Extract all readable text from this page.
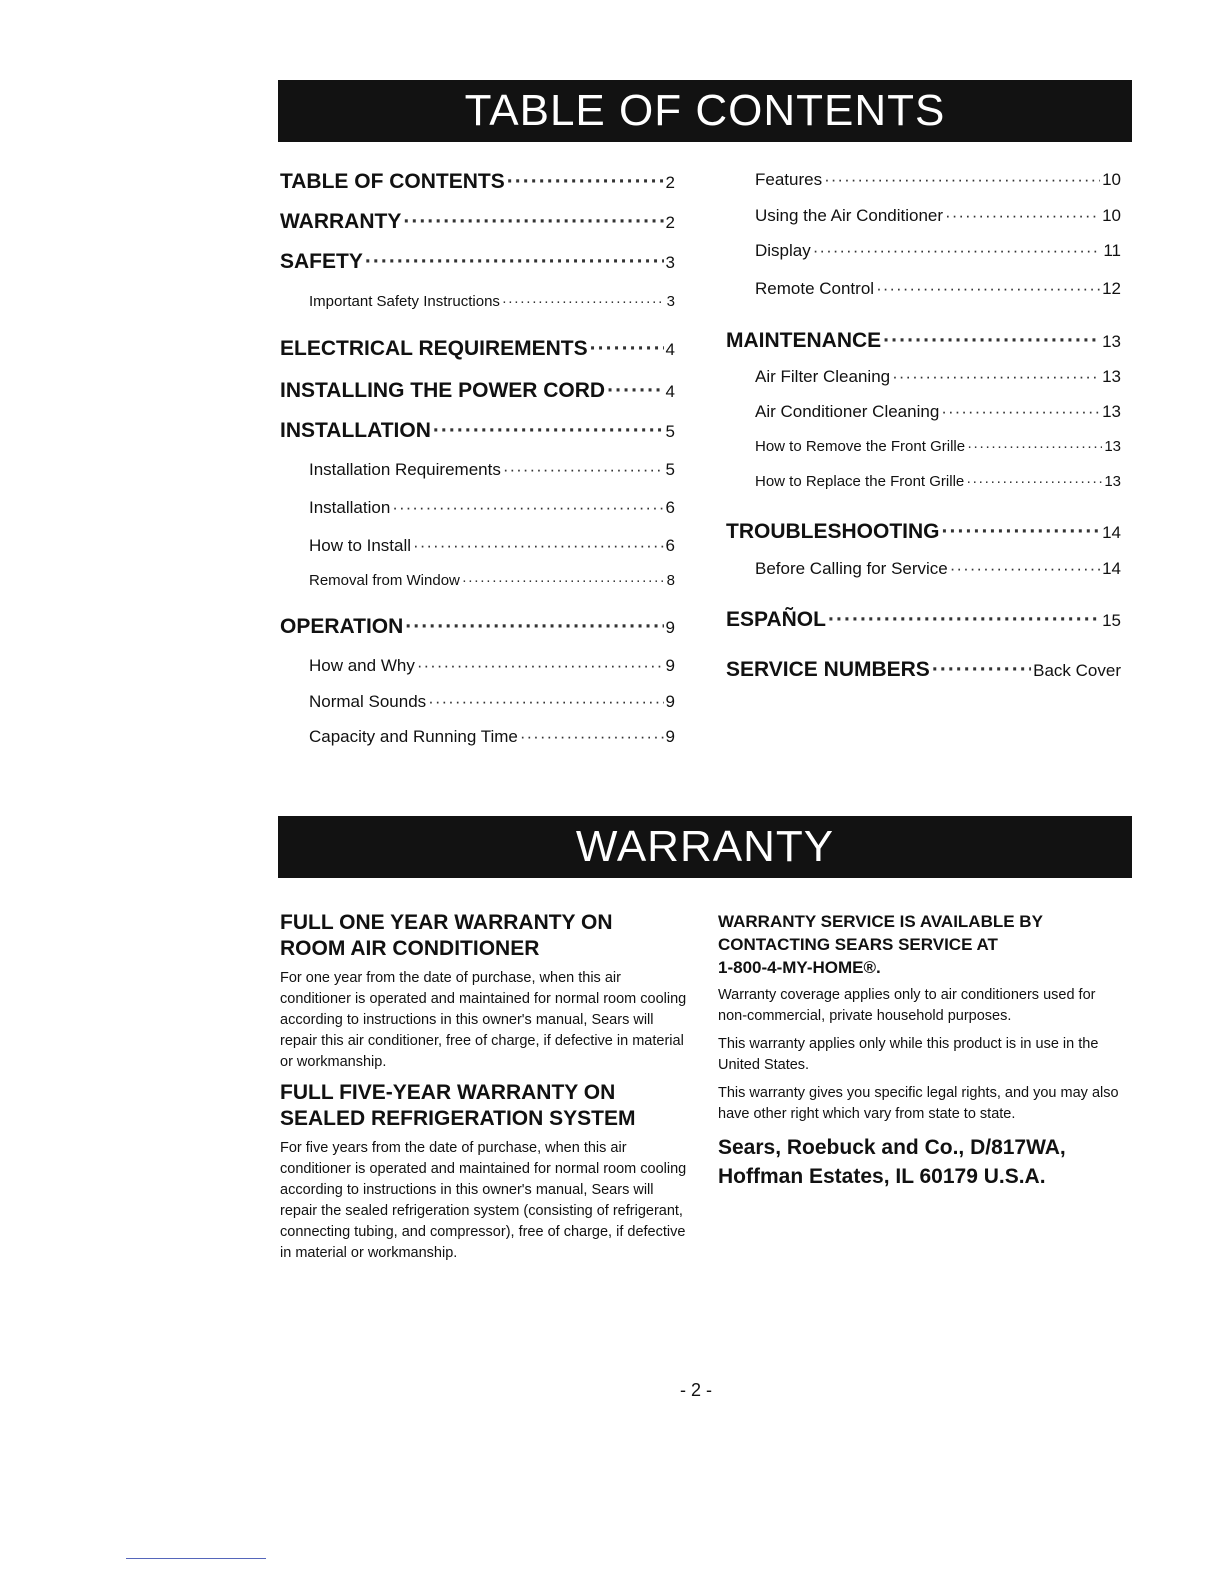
TABLE OF CONTENTS
TABLE OF CONTENTS ·····	2
WARRANTY ·····	2
SAFETY ·····	3
Important Safety Instructions ·····	3
ELECTRICAL REQUIREMENTS ·····	4
INSTALLING THE POWER CORD ·····	4
INSTALLATION ·····	5
Installation Requirements ·····	5
Installation ·····	6
How to Install ·····	6
Removal from Window ·····	8
OPERATION ·····	9
How and Why ·····	9
Normal Sounds ·····	9
Capacity and Running Time ·····	9
Features ·····	10
Using the Air Conditioner ·····	10
Display ·····	11
Remote Control ·····	12
MAINTENANCE ·····	13
Air Filter Cleaning ·····	13
Air Conditioner Cleaning ·····	13
How to Remove the Front Grille ·····	13
How to Replace the Front Grille ·····	13
TROUBLESHOOTING ·····	14
Before Calling for Service ·····	14
ESPAÑOL ·····	15
SERVICE NUMBERS ·····	Back Cover
WARRANTY
FULL ONE YEAR WARRANTY ON ROOM AIR CONDITIONER
For one year from the date of purchase, when this air conditioner is operated and maintained for normal room cooling according to instructions in this owner's manual, Sears will repair this air conditioner, free of charge, if defective in material or workmanship.
FULL FIVE-YEAR WARRANTY ON SEALED REFRIGERATION SYSTEM
For five years from the date of purchase, when this air conditioner is operated and maintained for normal room cooling according to instructions in this owner's manual, Sears will repair the sealed refrigeration system (consisting of refrigerant, connecting tubing, and compressor), free of charge, if defective in material or workmanship.
WARRANTY SERVICE IS AVAILABLE BY
CONTACTING SEARS SERVICE AT
1-800-4-MY-HOME®.
Warranty coverage applies only to air conditioners used for non-commercial, private household purposes.
This warranty applies only while this product is in use in the United States.
This warranty gives you specific legal rights, and you may also have other right which vary from state to state.
Sears, Roebuck and Co., D/817WA,
Hoffman Estates, IL 60179 U.S.A.
- 2 -
